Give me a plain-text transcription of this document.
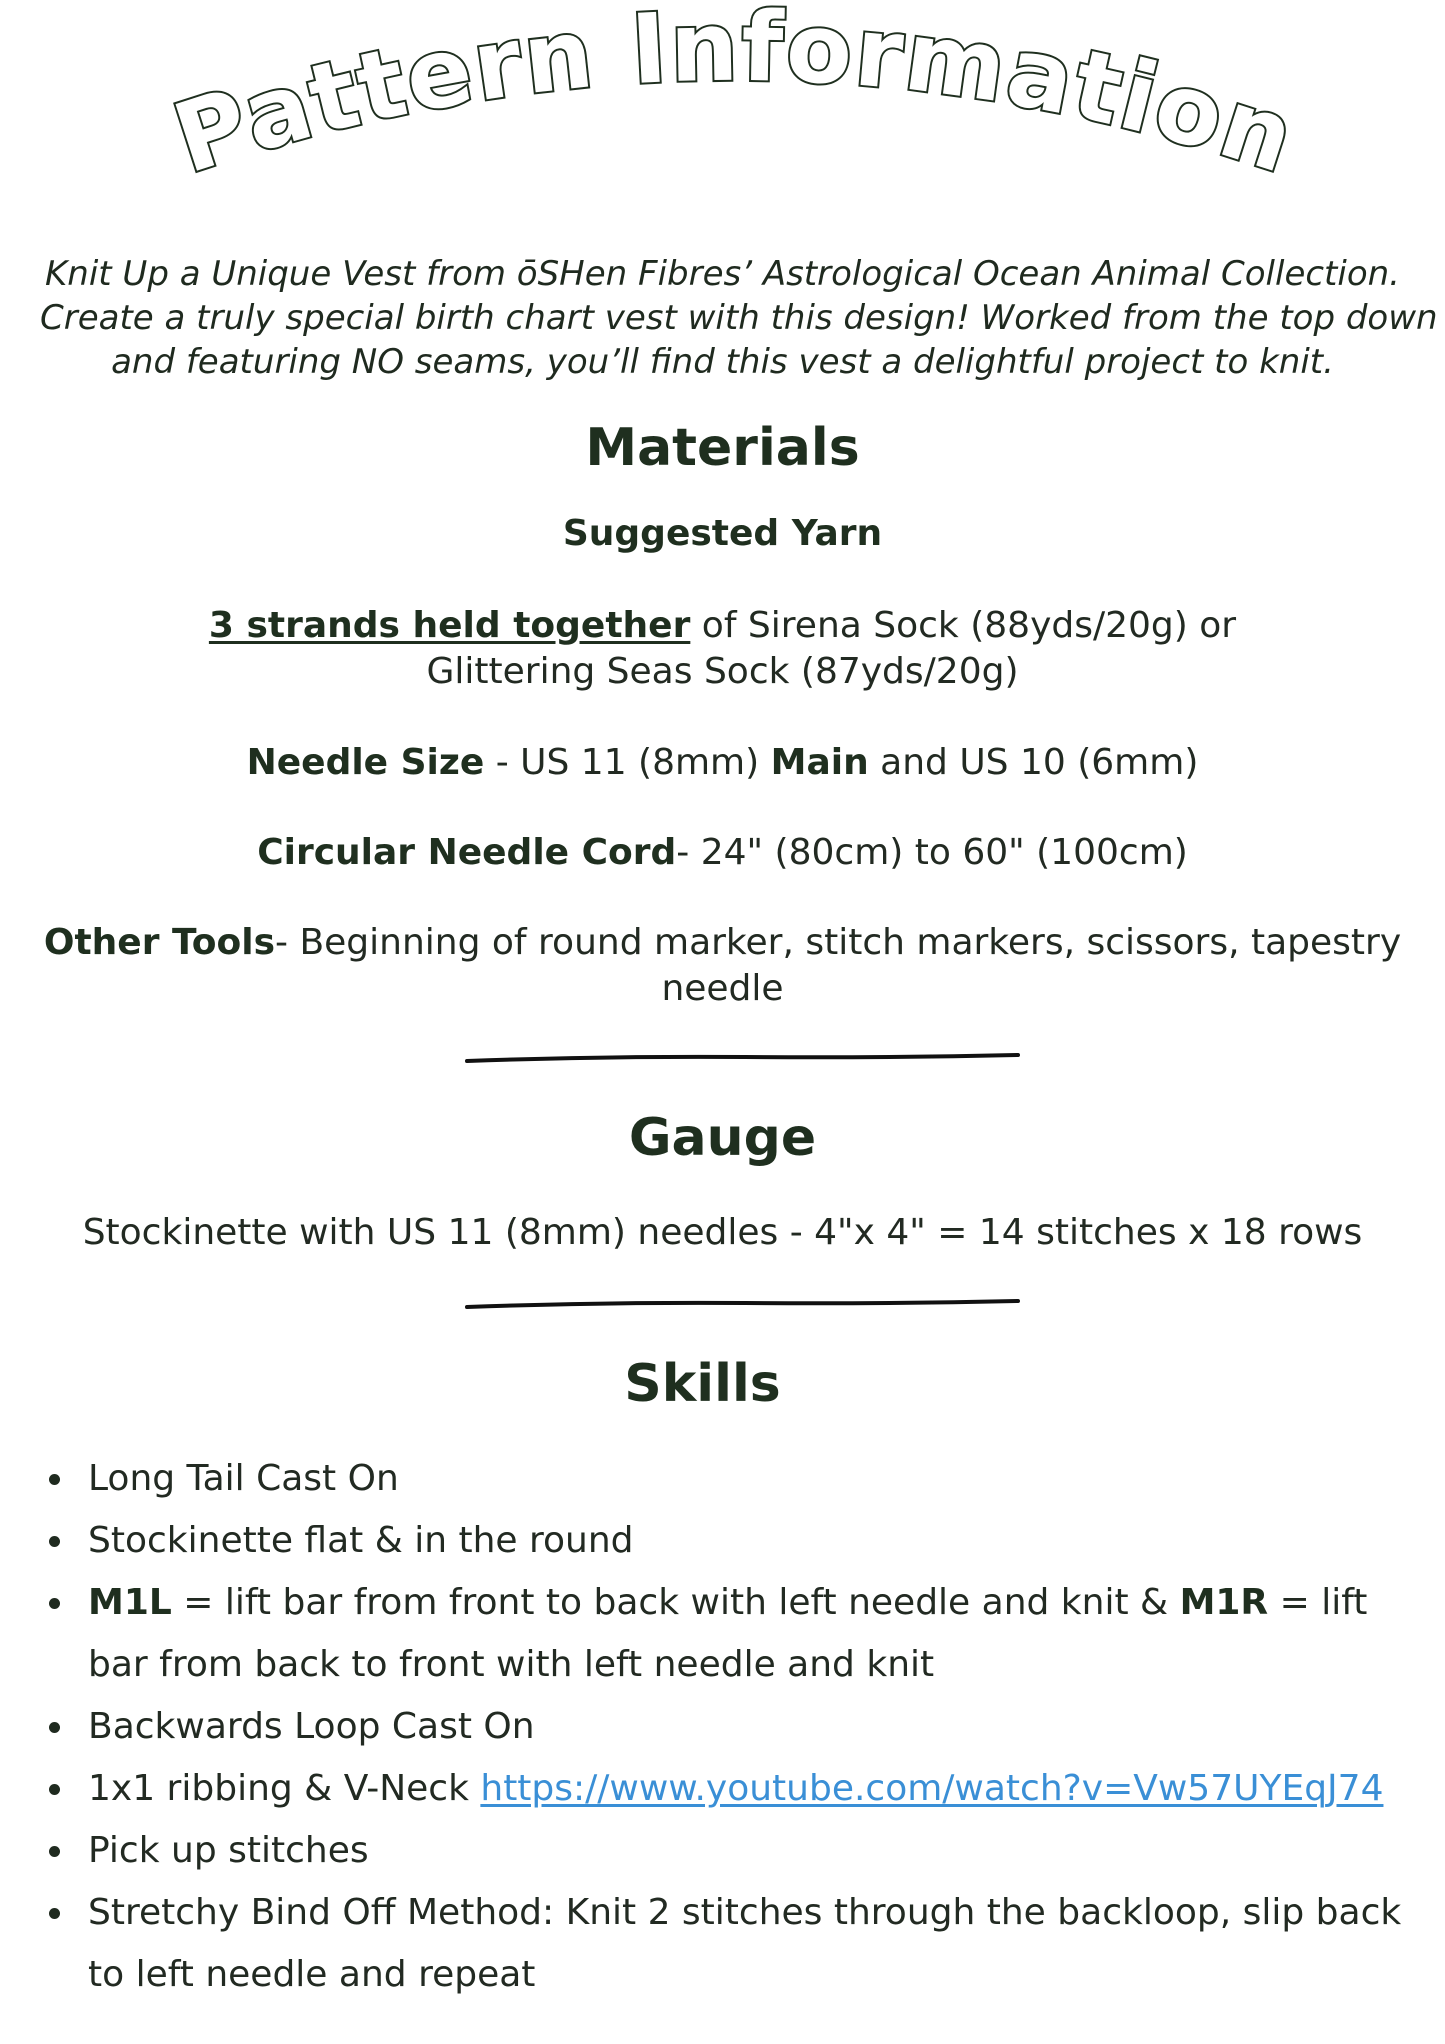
Pattern Information
Knit Up a Unique Vest from ōSHen Fibres’ Astrological Ocean Animal Collection.
Create a truly special birth chart vest with this design! Worked from the top down
and featuring NO seams, you’ll find this vest a delightful project to knit.
Materials
Suggested Yarn
3 strands held together of Sirena Sock (88yds/20g) or
Glittering Seas Sock (87yds/20g)
Needle Size - US 11 (8mm) Main and US 10 (6mm)
Circular Needle Cord- 24" (80cm) to 60" (100cm)
Other Tools- Beginning of round marker, stitch markers, scissors, tapestry needle
Gauge
Stockinette with US 11 (8mm) needles - 4"x 4" = 14 stitches x 18 rows
Skills
Long Tail Cast On
Stockinette flat & in the round
M1L = lift bar from front to back with left needle and knit & M1R = lift bar from back to front with left needle and knit
Backwards Loop Cast On
1x1 ribbing & V-Neck https://www.youtube.com/watch?v=Vw57UYEqJ74
Pick up stitches
Stretchy Bind Off Method: Knit 2 stitches through the backloop, slip back to left needle and repeat
